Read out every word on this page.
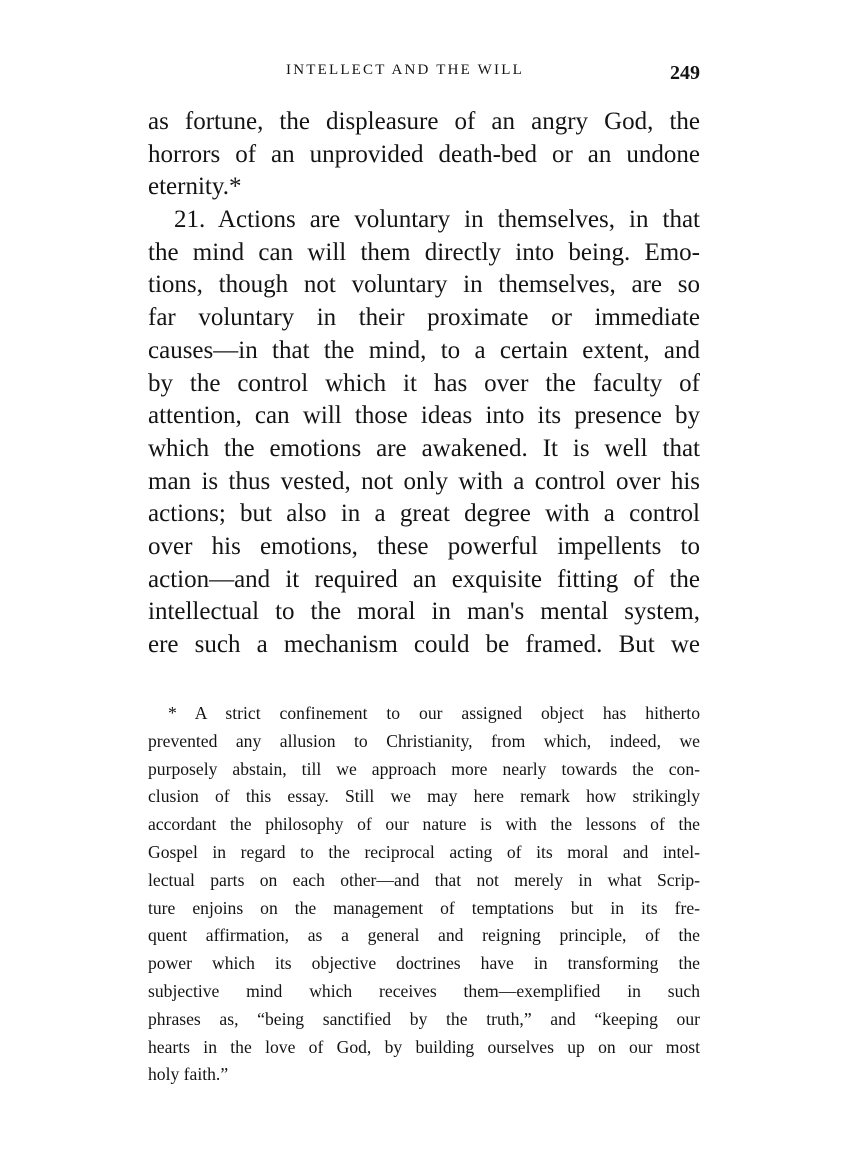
INTELLECT AND THE WILL	249
as fortune, the displeasure of an angry God, the
horrors of an unprovided death-bed or an undone
eternity.*
21. Actions are voluntary in themselves, in that
the mind can will them directly into being. Emo-
tions, though not voluntary in themselves, are so
far voluntary in their proximate or immediate
causes—in that the mind, to a certain extent, and
by the control which it has over the faculty of
attention, can will those ideas into its presence by
which the emotions are awakened. It is well that
man is thus vested, not only with a control over his
actions; but also in a great degree with a control
over his emotions, these powerful impellents to
action—and it required an exquisite fitting of the
intellectual to the moral in man's mental system,
ere such a mechanism could be framed. But we
* A strict confinement to our assigned object has hitherto
prevented any allusion to Christianity, from which, indeed, we
purposely abstain, till we approach more nearly towards the con-
clusion of this essay. Still we may here remark how strikingly
accordant the philosophy of our nature is with the lessons of the
Gospel in regard to the reciprocal acting of its moral and intel-
lectual parts on each other—and that not merely in what Scrip-
ture enjoins on the management of temptations but in its fre-
quent affirmation, as a general and reigning principle, of the
power which its objective doctrines have in transforming the
subjective mind which receives them—exemplified in such
phrases as, “being sanctified by the truth,” and “keeping our
hearts in the love of God, by building ourselves up on our most
holy faith.”
